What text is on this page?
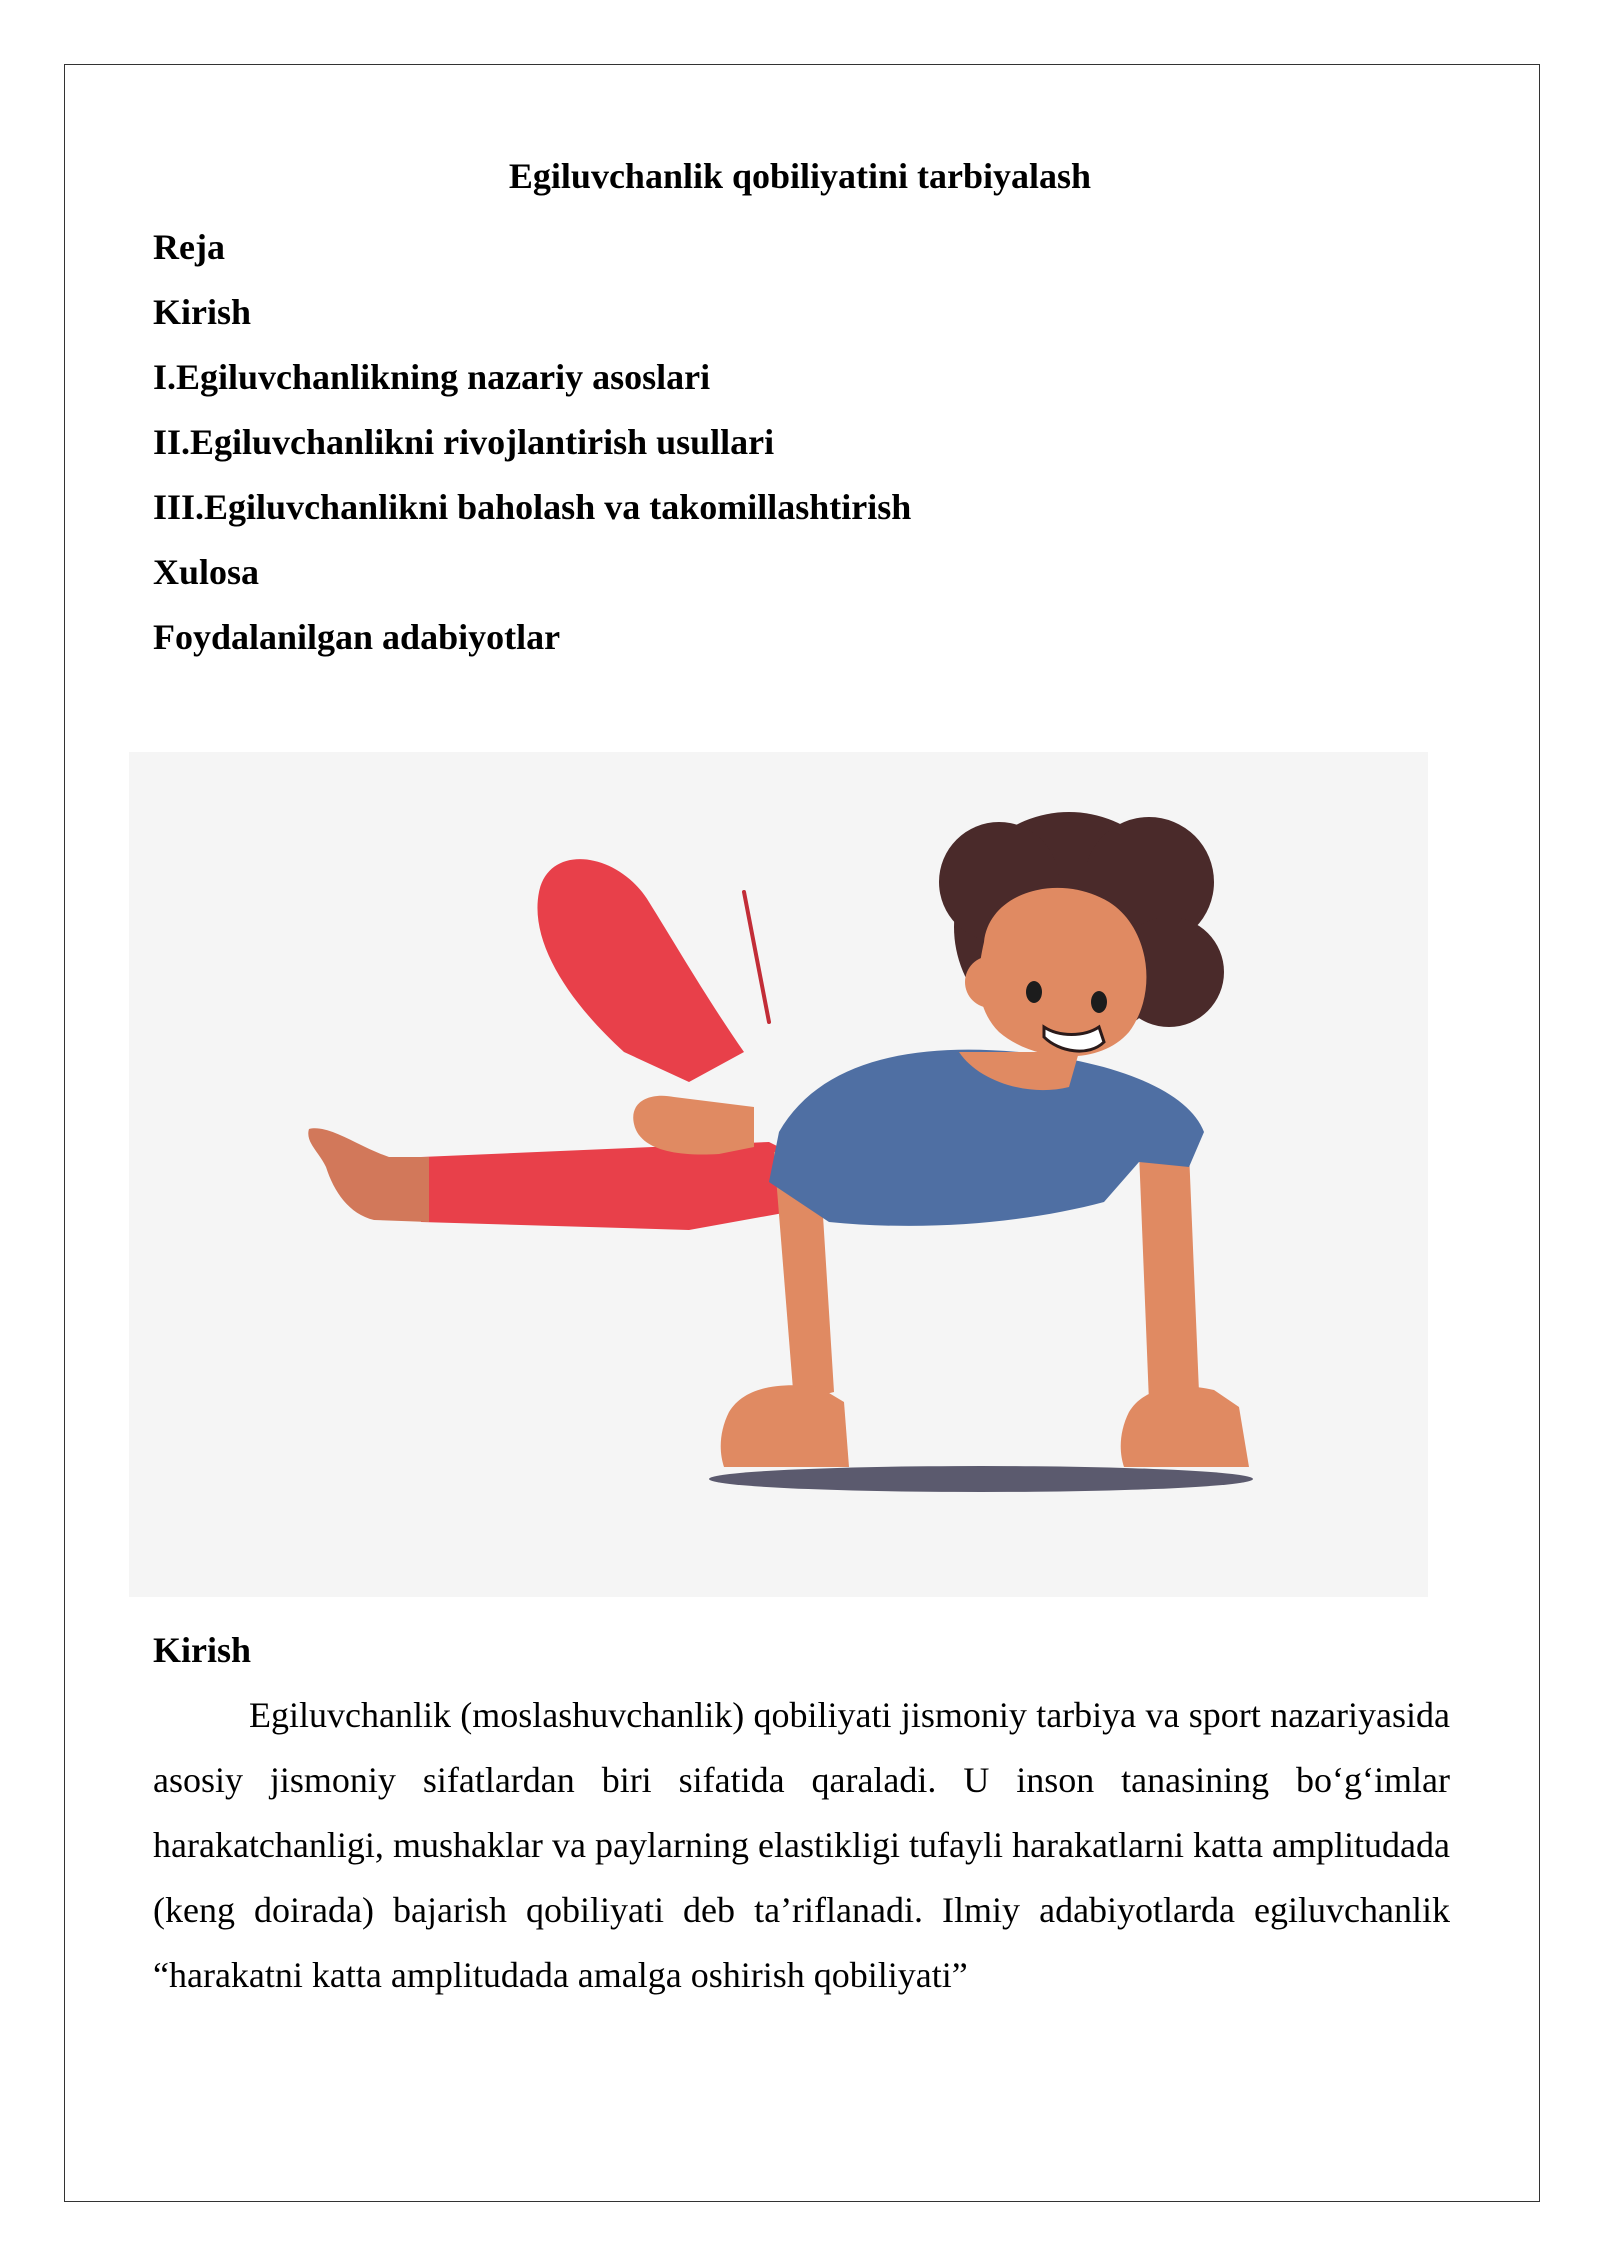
Egiluvchanlik qobiliyatini tarbiyalash
Reja
Kirish
I.Egiluvchanlikning nazariy asoslari
II.Egiluvchanlikni rivojlantirish usullari
III.Egiluvchanlikni baholash va takomillashtirish
Xulosa
Foydalanilgan adabiyotlar
Kirish

Egiluvchanlik (moslashuvchanlik) qobiliyati jismoniy tarbiya va sport nazariyasida asosiy jismoniy sifatlardan biri sifatida qaraladi. U inson tanasining bo‘g‘imlar harakatchanligi, mushaklar va paylarning elastikligi tufayli harakatlarni katta amplitudada (keng doirada) bajarish qobiliyati deb ta’riflanadi. Ilmiy adabiyotlarda egiluvchanlik “harakatni katta amplitudada amalga oshirish qobiliyati”
